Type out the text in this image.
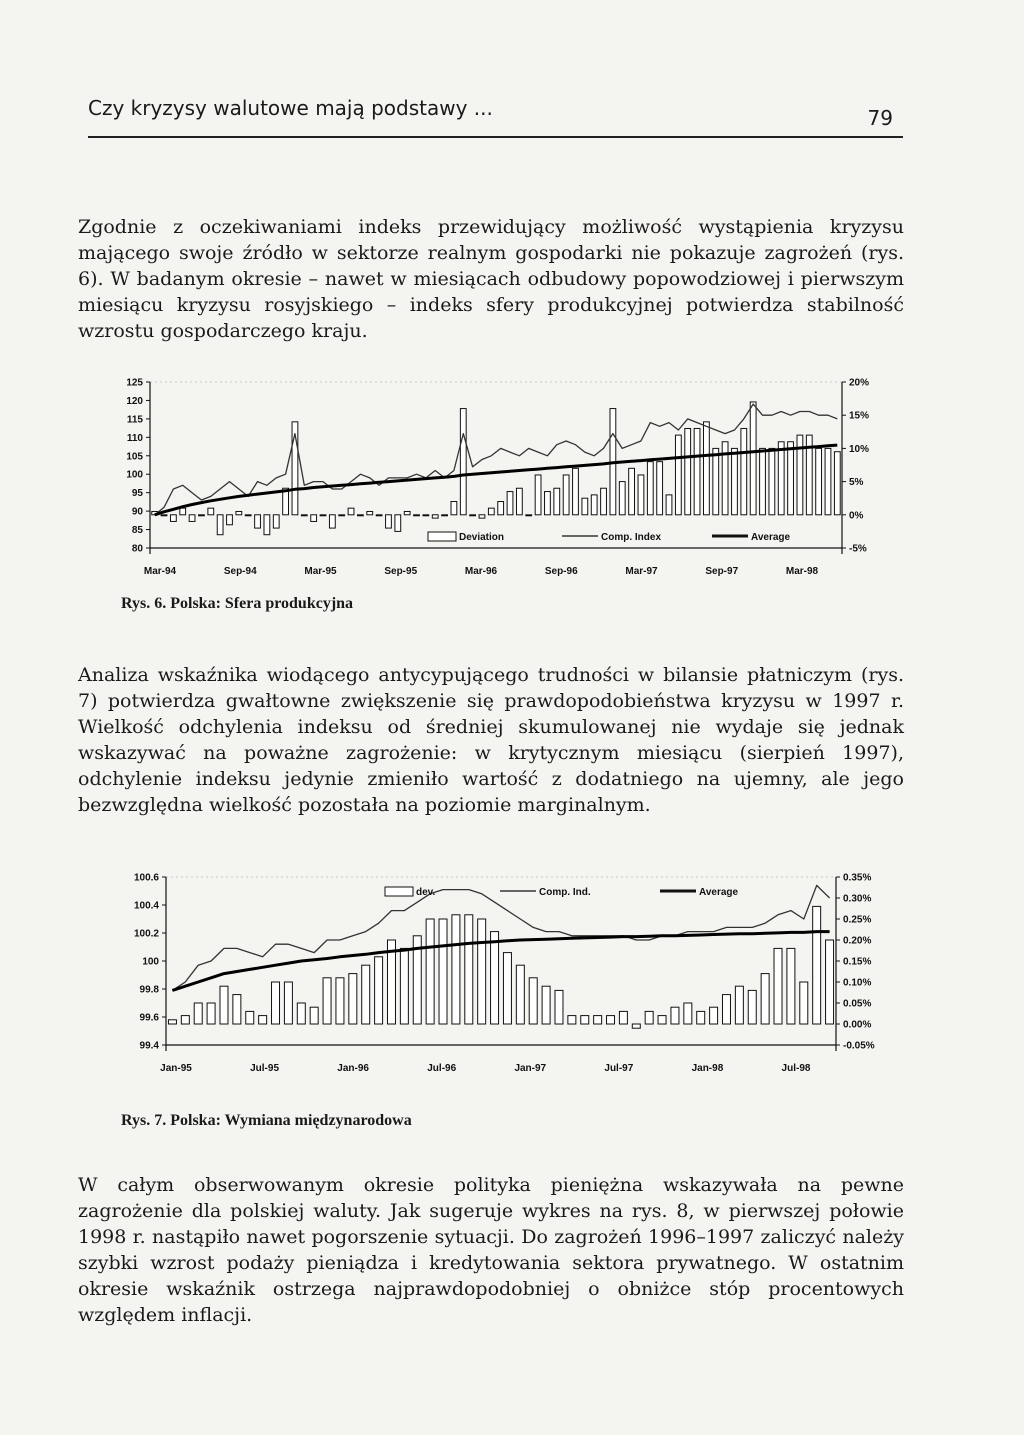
Czy kryzysy walutowe mają podstawy ...	79

Zgodnie z oczekiwaniami indeks przewidujący możliwość wystąpienia kryzysu mającego swoje źródło w sektorze realnym gospodarki nie pokazuje zagrożeń (rys. 6). W badanym okresie – nawet w miesiącach odbudowy popowodziowej i pierwszym miesiącu kryzysu rosyjskiego – indeks sfery produkcyjnej potwierdza stabilność wzrostu gospodarczego kraju.

125
120
115
110
105
100
95
90
85
80
20%
15%
10%
5%
0%
-5%
Mar-94	Sep-94	Mar-95	Sep-95	Mar-96	Sep-96	Mar-97	Sep-97	Mar-98
Deviation	Comp. Index	Average
Rys. 6. Polska: Sfera produkcyjna

Analiza wskaźnika wiodącego antycypującego trudności w bilansie płatniczym (rys. 7) potwierdza gwałtowne zwiększenie się prawdopodobieństwa kryzysu w 1997 r. Wielkość odchylenia indeksu od średniej skumulowanej nie wydaje się jednak wskazywać na poważne zagrożenie: w krytycznym miesiącu (sierpień 1997), odchylenie indeksu jedynie zmieniło wartość z dodatniego na ujemny, ale jego bezwzględna wielkość pozostała na poziomie marginalnym.

100.6
100.4
100.2
100
99.8
99.6
99.4
0.35%
0.30%
0.25%
0.20%
0.15%
0.10%
0.05%
0.00%
-0.05%
Jan-95	Jul-95	Jan-96	Jul-96	Jan-97	Jul-97	Jan-98	Jul-98
dev.	Comp. Ind.	Average
Rys. 7. Polska: Wymiana międzynarodowa

W całym obserwowanym okresie polityka pieniężna wskazywała na pewne zagrożenie dla polskiej waluty. Jak sugeruje wykres na rys. 8, w pierwszej połowie 1998 r. nastąpiło nawet pogorszenie sytuacji. Do zagrożeń 1996–1997 zaliczyć należy szybki wzrost podaży pieniądza i kredytowania sektora prywatnego. W ostatnim okresie wskaźnik ostrzega najprawdopodobniej o obniżce stóp procentowych względem inflacji.
